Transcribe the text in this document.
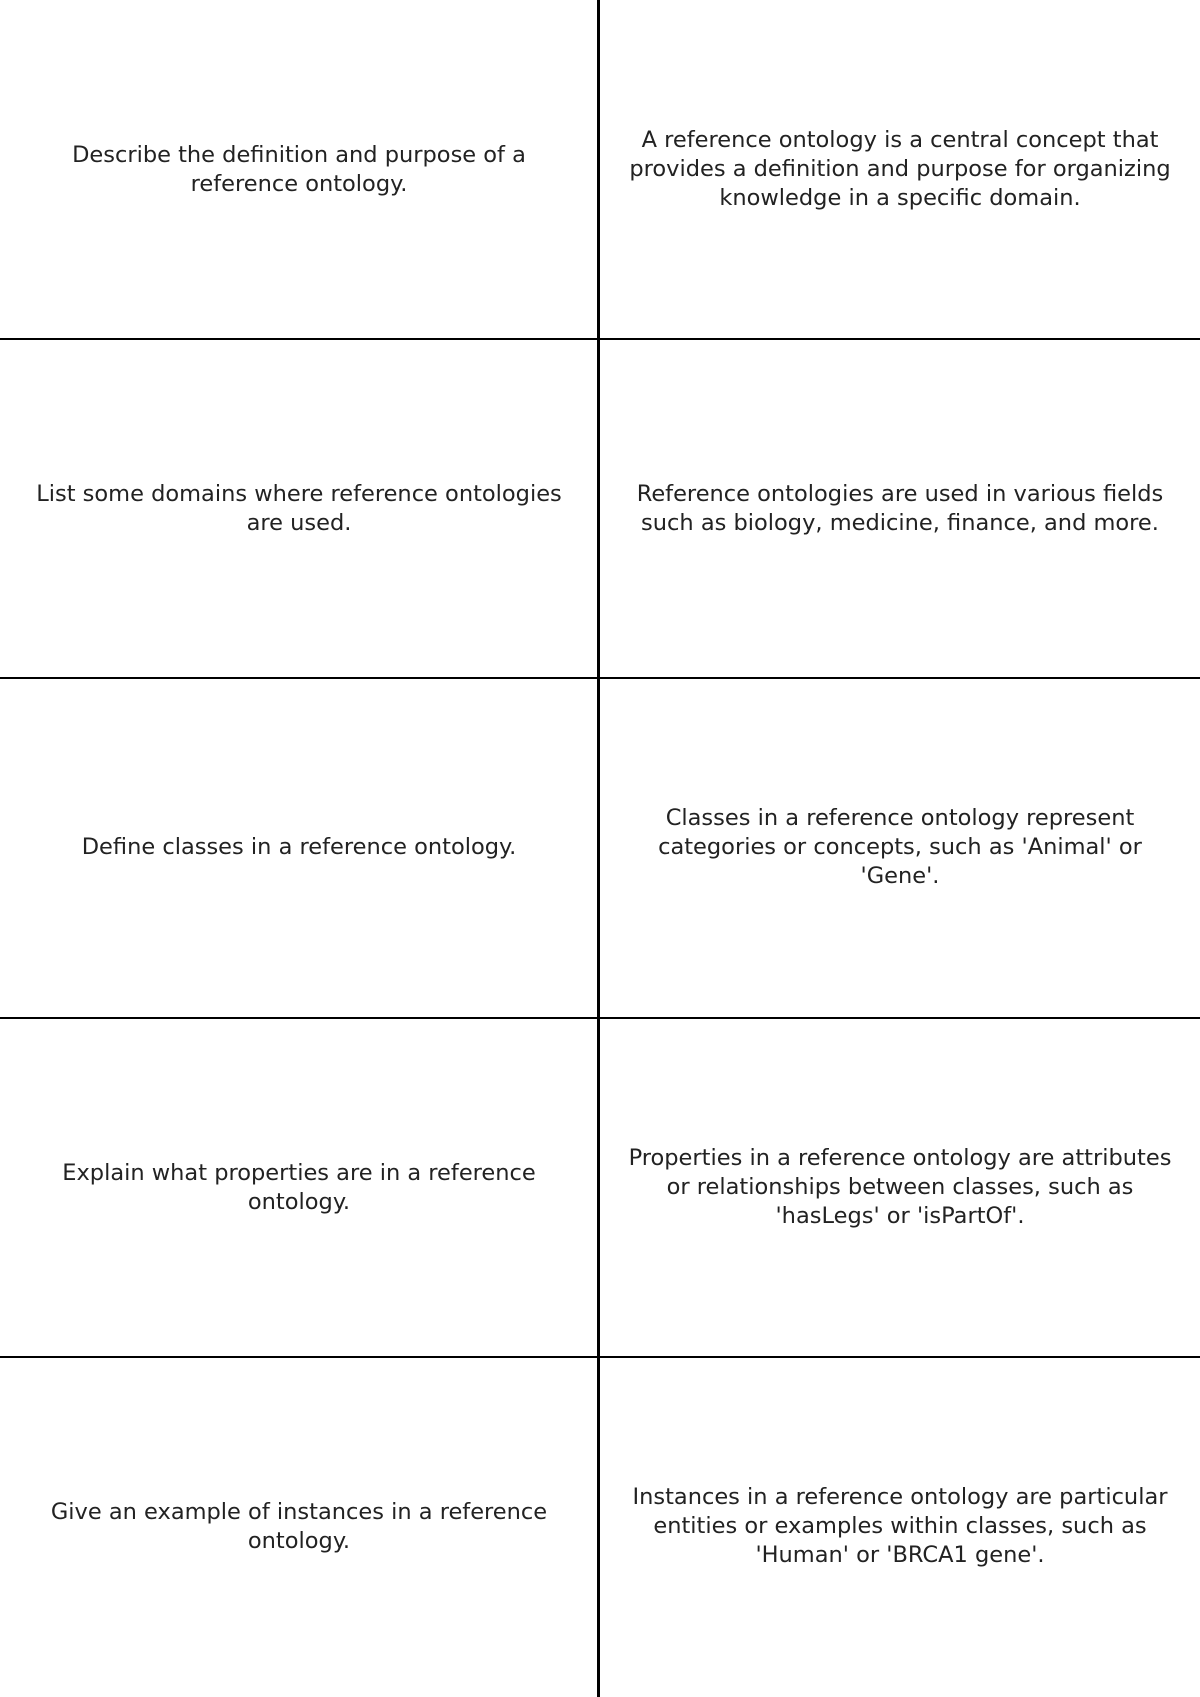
Describe the definition and purpose of a reference ontology.
A reference ontology is a central concept that provides a definition and purpose for organizing knowledge in a specific domain.
List some domains where reference ontologies are used.
Reference ontologies are used in various fields such as biology, medicine, finance, and more.
Define classes in a reference ontology.
Classes in a reference ontology represent categories or concepts, such as 'Animal' or 'Gene'.
Explain what properties are in a reference ontology.
Properties in a reference ontology are attributes or relationships between classes, such as 'hasLegs' or 'isPartOf'.
Give an example of instances in a reference ontology.
Instances in a reference ontology are particular entities or examples within classes, such as 'Human' or 'BRCA1 gene'.
